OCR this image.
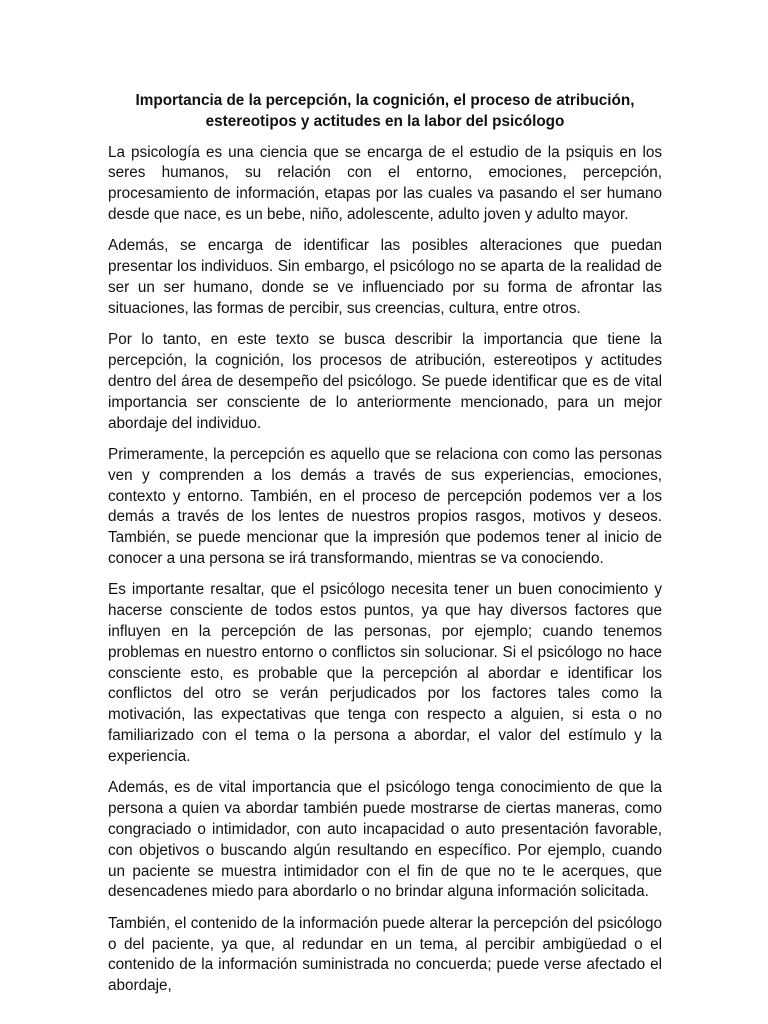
Importancia de la percepción, la cognición, el proceso de atribución,
estereotipos y actitudes en la labor del psicólogo

La psicología es una ciencia que se encarga de el estudio de la psiquis en los seres humanos, su relación con el entorno, emociones, percepción, procesamiento de información, etapas por las cuales va pasando el ser humano desde que nace, es un bebe, niño, adolescente, adulto joven y adulto mayor.

Además, se encarga de identificar las posibles alteraciones que puedan presentar los individuos. Sin embargo, el psicólogo no se aparta de la realidad de ser un ser humano, donde se ve influenciado por su forma de afrontar las situaciones, las formas de percibir, sus creencias, cultura, entre otros.

Por lo tanto, en este texto se busca describir la importancia que tiene la percepción, la cognición, los procesos de atribución, estereotipos y actitudes dentro del área de desempeño del psicólogo. Se puede identificar que es de vital importancia ser consciente de lo anteriormente mencionado, para un mejor abordaje del individuo.

Primeramente, la percepción es aquello que se relaciona con como las personas ven y comprenden a los demás a través de sus experiencias, emociones, contexto y entorno. También, en el proceso de percepción podemos ver a los demás a través de los lentes de nuestros propios rasgos, motivos y deseos. También, se puede mencionar que la impresión que podemos tener al inicio de conocer a una persona se irá transformando, mientras se va conociendo.

Es importante resaltar, que el psicólogo necesita tener un buen conocimiento y hacerse consciente de todos estos puntos, ya que hay diversos factores que influyen en la percepción de las personas, por ejemplo; cuando tenemos problemas en nuestro entorno o conflictos sin solucionar. Si el psicólogo no hace consciente esto, es probable que la percepción al abordar e identificar los conflictos del otro se verán perjudicados por los factores tales como la motivación, las expectativas que tenga con respecto a alguien, si esta o no familiarizado con el tema o la persona a abordar, el valor del estímulo y la experiencia.

Además, es de vital importancia que el psicólogo tenga conocimiento de que la persona a quien va abordar también puede mostrarse de ciertas maneras, como congraciado o intimidador, con auto incapacidad o auto presentación favorable, con objetivos o buscando algún resultando en específico. Por ejemplo, cuando un paciente se muestra intimidador con el fin de que no te le acerques, que desencadenes miedo para abordarlo o no brindar alguna información solicitada.

También, el contenido de la información puede alterar la percepción del psicólogo o del paciente, ya que, al redundar en un tema, al percibir ambigüedad o el contenido de la información suministrada no concuerda; puede verse afectado el abordaje,
